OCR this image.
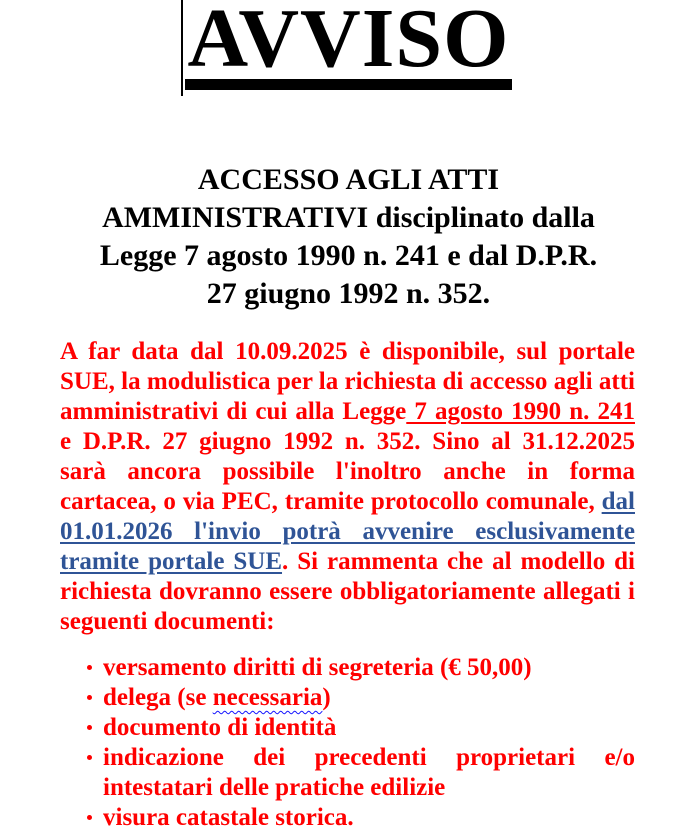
AVVISO
ACCESSO AGLI ATTI
AMMINISTRATIVI disciplinato dalla
Legge 7 agosto 1990 n. 241 e dal D.P.R.
27 giugno 1992 n. 352.
A far data dal 10.09.2025 è disponibile, sul portale SUE, la modulistica per la richiesta di accesso agli atti amministrativi di cui alla Legge 7 agosto 1990 n. 241 e D.P.R. 27 giugno 1992 n. 352. Sino al 31.12.2025 sarà ancora possibile l'inoltro anche in forma cartacea, o via PEC, tramite protocollo comunale, dal 01.01.2026 l'invio potrà avvenire esclusivamente tramite portale SUE. Si rammenta che al modello di richiesta dovranno essere obbligatoriamente allegati i seguenti documenti:
versamento diritti di segreteria (€ 50,00)
delega (se necessaria)
documento di identità
indicazione dei precedenti proprietari e/o intestatari delle pratiche edilizie
visura catastale storica.
